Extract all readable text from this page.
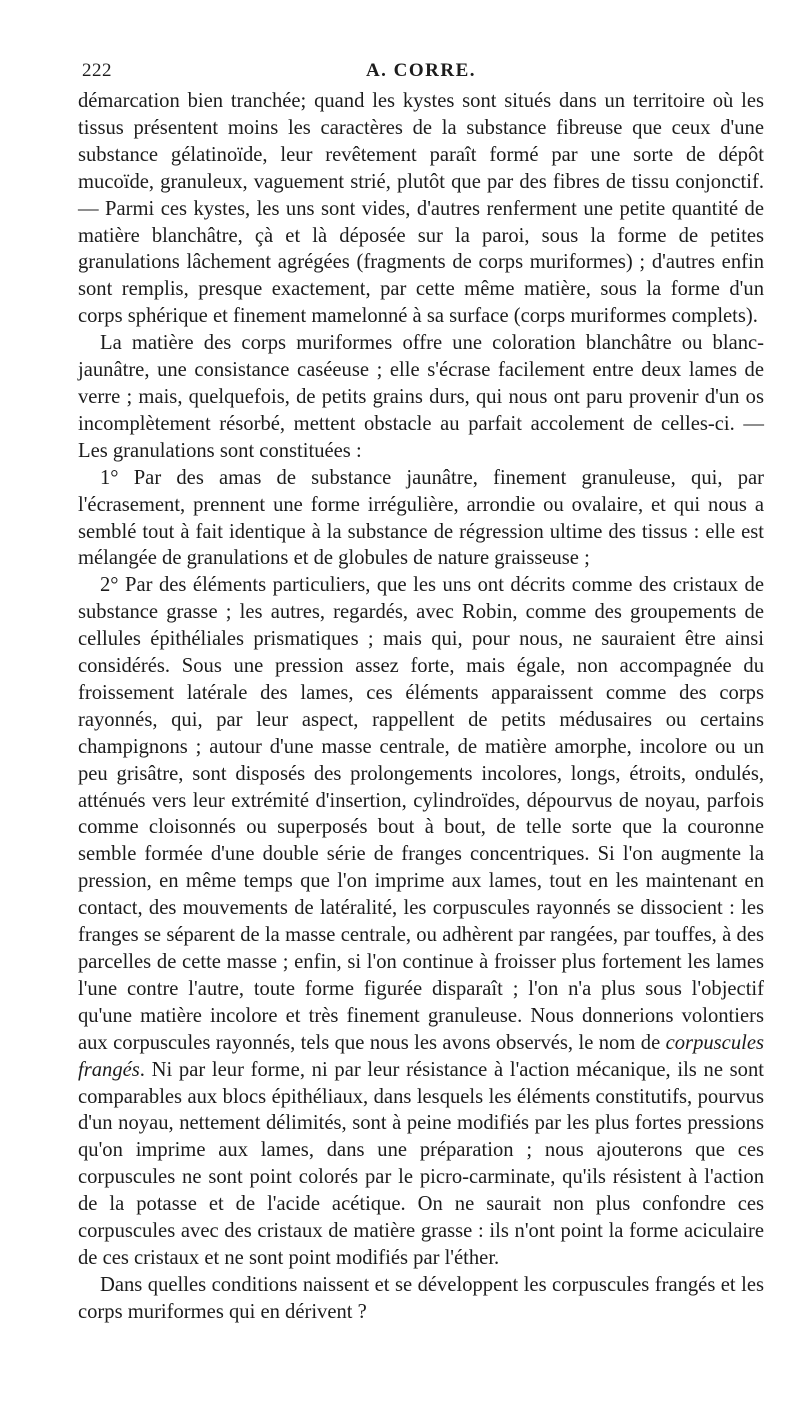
222	A. CORRE.

démarcation bien tranchée; quand les kystes sont situés dans un territoire où les tissus présentent moins les caractères de la substance fibreuse que ceux d'une substance gélatinoïde, leur revêtement paraît formé par une sorte de dépôt mucoïde, granuleux, vaguement strié, plutôt que par des fibres de tissu conjonctif. — Parmi ces kystes, les uns sont vides, d'autres renferment une petite quantité de matière blanchâtre, çà et là déposée sur la paroi, sous la forme de petites granulations lâchement agrégées (fragments de corps muriformes) ; d'autres enfin sont remplis, presque exactement, par cette même matière, sous la forme d'un corps sphérique et finement mamelonné à sa surface (corps muriformes complets).

La matière des corps muriformes offre une coloration blanchâtre ou blanc-jaunâtre, une consistance caséeuse ; elle s'écrase facilement entre deux lames de verre ; mais, quelquefois, de petits grains durs, qui nous ont paru provenir d'un os incomplètement résorbé, mettent obstacle au parfait accolement de celles-ci. — Les granulations sont constituées :

1° Par des amas de substance jaunâtre, finement granuleuse, qui, par l'écrasement, prennent une forme irrégulière, arrondie ou ovalaire, et qui nous a semblé tout à fait identique à la substance de régression ultime des tissus : elle est mélangée de granulations et de globules de nature graisseuse ;

2° Par des éléments particuliers, que les uns ont décrits comme des cristaux de substance grasse ; les autres, regardés, avec Robin, comme des groupements de cellules épithéliales prismatiques ; mais qui, pour nous, ne sauraient être ainsi considérés. Sous une pression assez forte, mais égale, non accompagnée du froissement latérale des lames, ces éléments apparaissent comme des corps rayonnés, qui, par leur aspect, rappellent de petits médusaires ou certains champignons ; autour d'une masse centrale, de matière amorphe, incolore ou un peu grisâtre, sont disposés des prolongements incolores, longs, étroits, ondulés, atténués vers leur extrémité d'insertion, cylindroïdes, dépourvus de noyau, parfois comme cloisonnés ou superposés bout à bout, de telle sorte que la couronne semble formée d'une double série de franges concentriques. Si l'on augmente la pression, en même temps que l'on imprime aux lames, tout en les maintenant en contact, des mouvements de latéralité, les corpuscules rayonnés se dissocient : les franges se séparent de la masse centrale, ou adhèrent par rangées, par touffes, à des parcelles de cette masse ; enfin, si l'on continue à froisser plus fortement les lames l'une contre l'autre, toute forme figurée disparaît ; l'on n'a plus sous l'objectif qu'une matière incolore et très finement granuleuse. Nous donnerions volontiers aux corpuscules rayonnés, tels que nous les avons observés, le nom de corpuscules frangés. Ni par leur forme, ni par leur résistance à l'action mécanique, ils ne sont comparables aux blocs épithéliaux, dans lesquels les éléments constitutifs, pourvus d'un noyau, nettement délimités, sont à peine modifiés par les plus fortes pressions qu'on imprime aux lames, dans une préparation ; nous ajouterons que ces corpuscules ne sont point colorés par le picro-carminate, qu'ils résistent à l'action de la potasse et de l'acide acétique. On ne saurait non plus confondre ces corpuscules avec des cristaux de matière grasse : ils n'ont point la forme aciculaire de ces cristaux et ne sont point modifiés par l'éther.

Dans quelles conditions naissent et se développent les corpuscules frangés et les corps muriformes qui en dérivent ?
